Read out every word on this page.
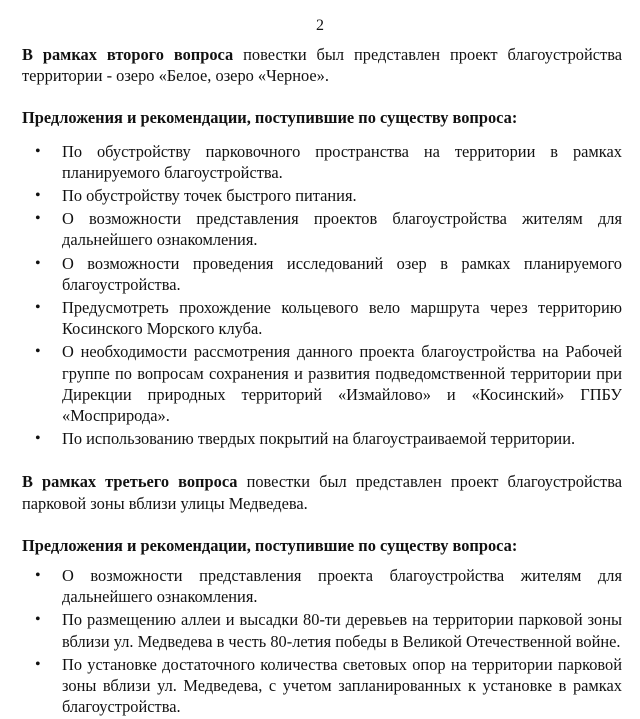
2

В рамках второго вопроса повестки был представлен проект благоустройства территории - озеро «Белое, озеро «Черное».

Предложения и рекомендации, поступившие по существу вопроса:

• По обустройству парковочного пространства на территории в рамках планируемого благоустройства.
• По обустройству точек быстрого питания.
• О возможности представления проектов благоустройства жителям для дальнейшего ознакомления.
• О возможности проведения исследований озер в рамках планируемого благоустройства.
• Предусмотреть прохождение кольцевого вело маршрута через территорию Косинского Морского клуба.
• О необходимости рассмотрения данного проекта благоустройства на Рабочей группе по вопросам сохранения и развития подведомственной территории при Дирекции природных территорий «Измайлово» и «Косинский» ГПБУ «Мосприрода».
• По использованию твердых покрытий на благоустраиваемой территории.

В рамках третьего вопроса повестки был представлен проект благоустройства парковой зоны вблизи улицы Медведева.

Предложения и рекомендации, поступившие по существу вопроса:

• О возможности представления проекта благоустройства жителям для дальнейшего ознакомления.
• По размещению аллеи и высадки 80-ти деревьев на территории парковой зоны вблизи ул. Медведева в честь 80-летия победы в Великой Отечественной войне.
• По установке достаточного количества световых опор на территории парковой зоны вблизи ул. Медведева, с учетом запланированных к установке в рамках благоустройства.
